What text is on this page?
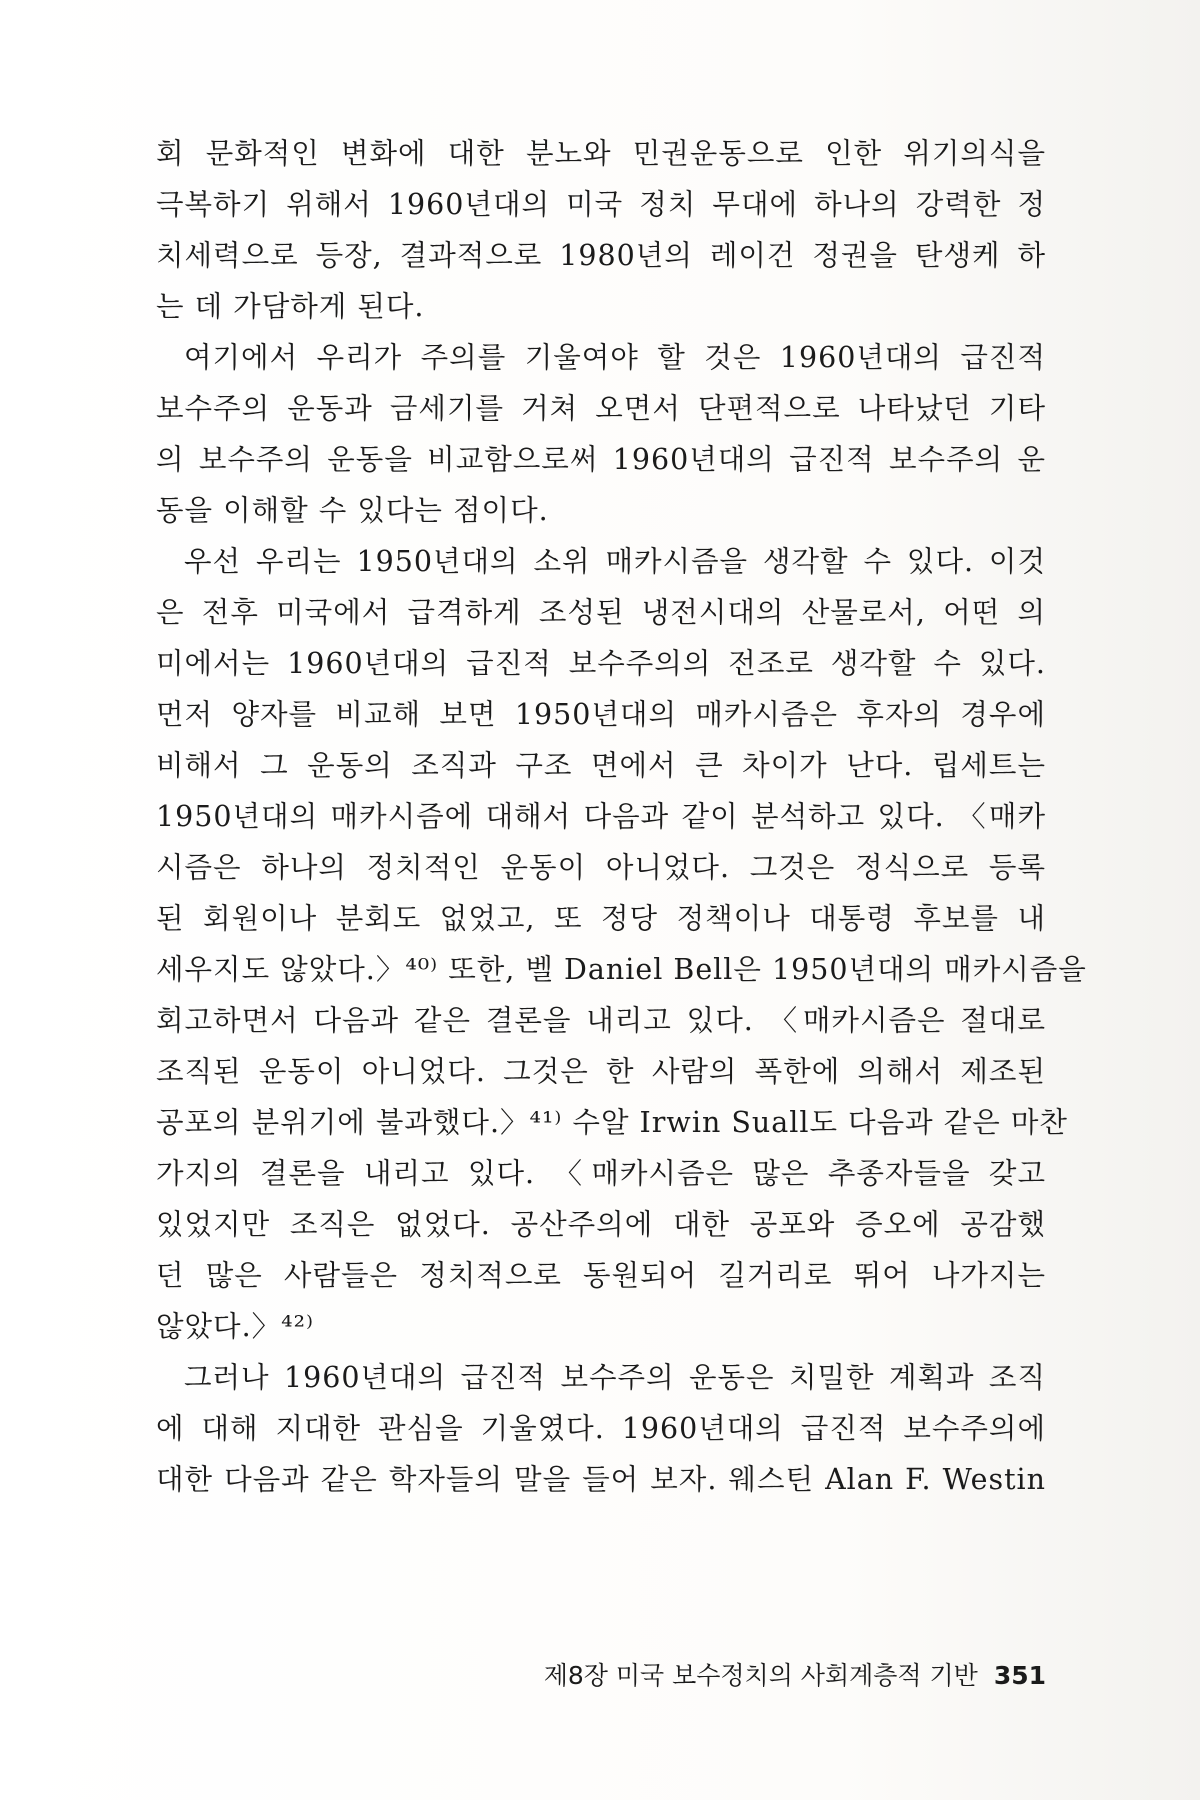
회 문화적인 변화에 대한 분노와 민권운동으로 인한 위기의식을
극복하기 위해서 1960년대의 미국 정치 무대에 하나의 강력한 정
치세력으로 등장, 결과적으로 1980년의 레이건 정권을 탄생케 하
는 데 가담하게 된다.
여기에서 우리가 주의를 기울여야 할 것은 1960년대의 급진적
보수주의 운동과 금세기를 거쳐 오면서 단편적으로 나타났던 기타
의 보수주의 운동을 비교함으로써 1960년대의 급진적 보수주의 운
동을 이해할 수 있다는 점이다.
우선 우리는 1950년대의 소위 매카시즘을 생각할 수 있다. 이것
은 전후 미국에서 급격하게 조성된 냉전시대의 산물로서, 어떤 의
미에서는 1960년대의 급진적 보수주의의 전조로 생각할 수 있다.
먼저 양자를 비교해 보면 1950년대의 매카시즘은 후자의 경우에
비해서 그 운동의 조직과 구조 면에서 큰 차이가 난다. 립세트는
1950년대의 매카시즘에 대해서 다음과 같이 분석하고 있다. 〈매카
시즘은 하나의 정치적인 운동이 아니었다. 그것은 정식으로 등록
된 회원이나 분회도 없었고, 또 정당 정책이나 대통령 후보를 내
세우지도 않았다.〉⁴⁰⁾ 또한, 벨 Daniel Bell은 1950년대의 매카시즘을
회고하면서 다음과 같은 결론을 내리고 있다. 〈매카시즘은 절대로
조직된 운동이 아니었다. 그것은 한 사람의 폭한에 의해서 제조된
공포의 분위기에 불과했다.〉⁴¹⁾ 수알 Irwin Suall도 다음과 같은 마찬
가지의 결론을 내리고 있다. 〈매카시즘은 많은 추종자들을 갖고
있었지만 조직은 없었다. 공산주의에 대한 공포와 증오에 공감했
던 많은 사람들은 정치적으로 동원되어 길거리로 뛰어 나가지는
않았다.〉⁴²⁾
그러나 1960년대의 급진적 보수주의 운동은 치밀한 계획과 조직
에 대해 지대한 관심을 기울였다. 1960년대의 급진적 보수주의에
대한 다음과 같은 학자들의 말을 들어 보자. 웨스틴 Alan F. Westin
제8장 미국 보수정치의 사회계층적 기반 351
